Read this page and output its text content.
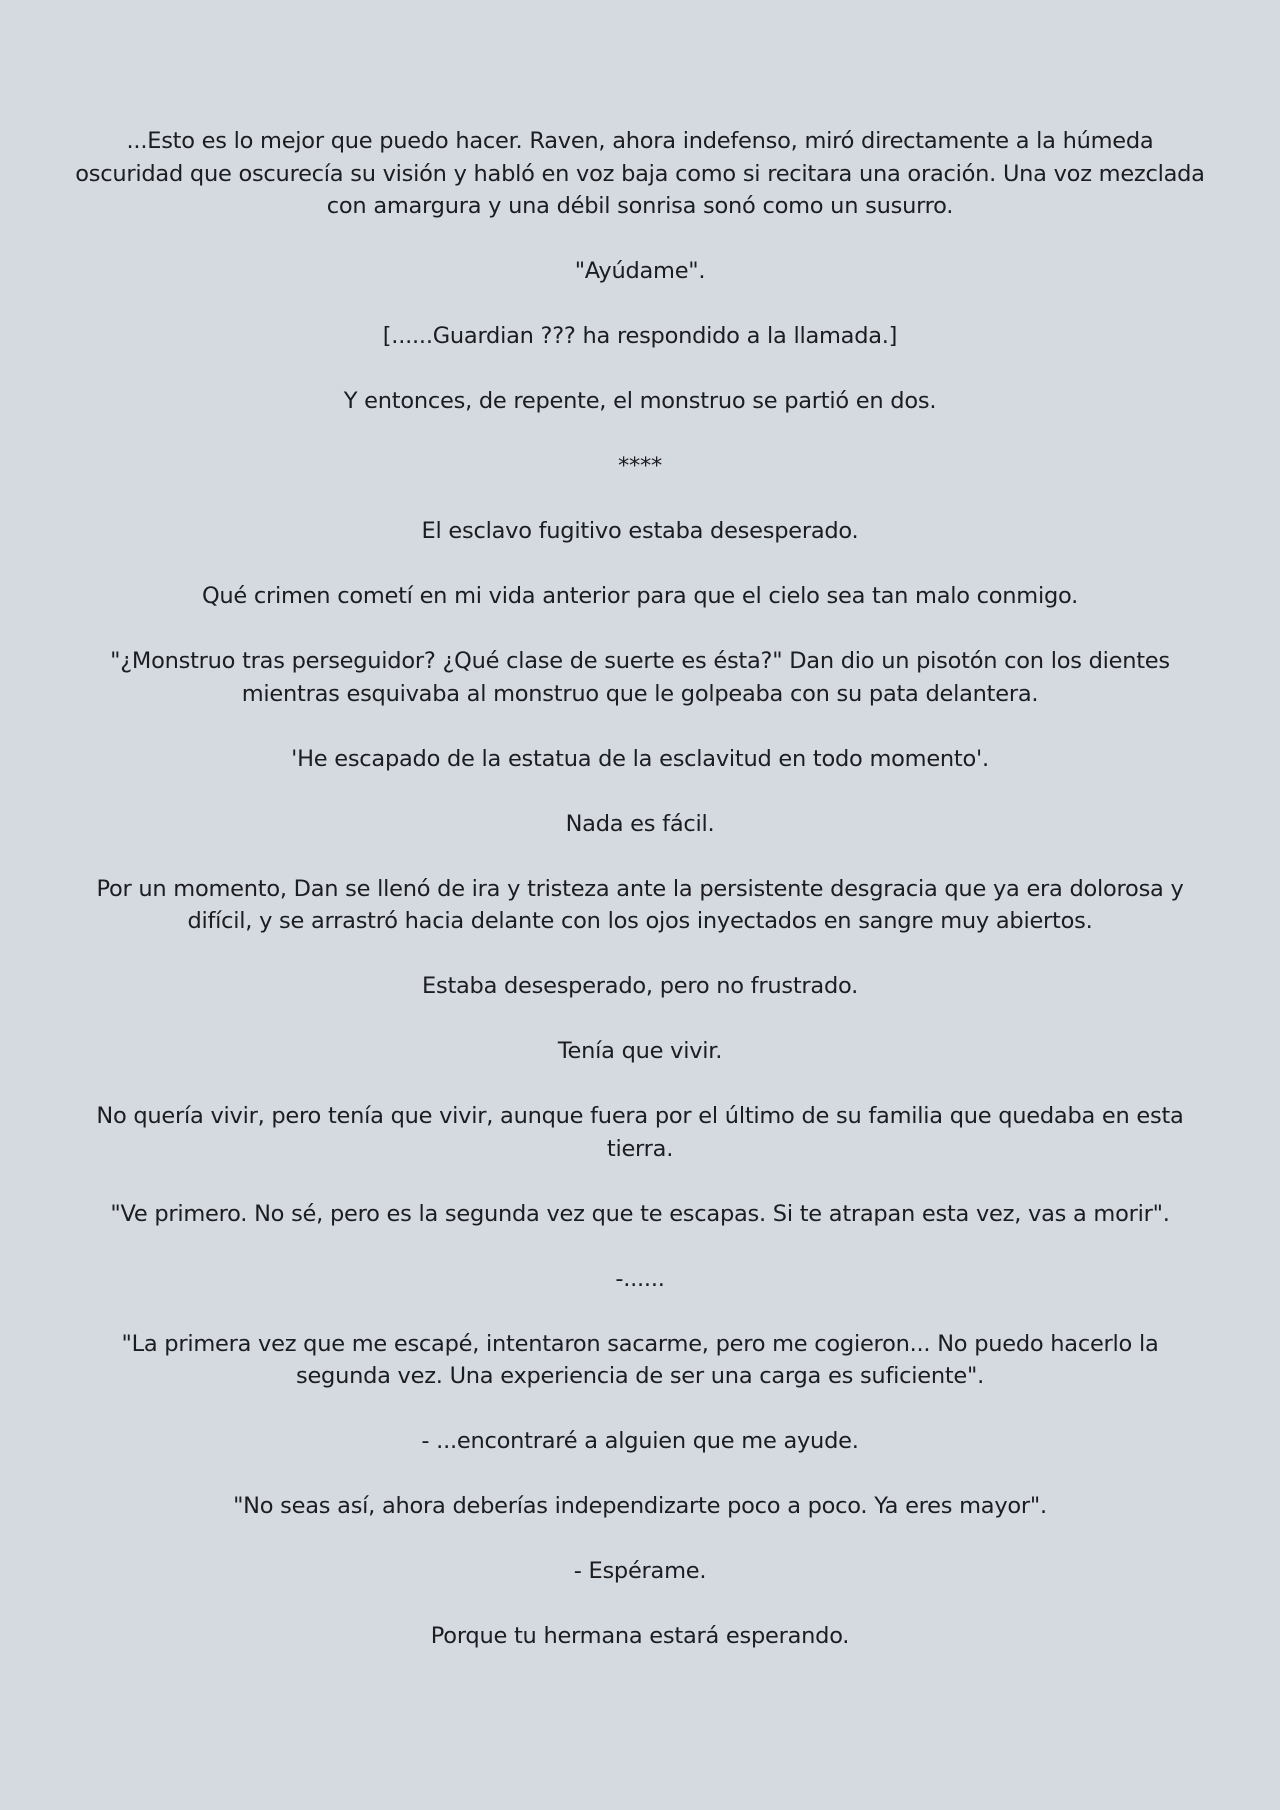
...Esto es lo mejor que puedo hacer. Raven, ahora indefenso, miró directamente a la húmeda oscuridad que oscurecía su visión y habló en voz baja como si recitara una oración. Una voz mezclada con amargura y una débil sonrisa sonó como un susurro.

"Ayúdame".

[......Guardian ??? ha respondido a la llamada.]

Y entonces, de repente, el monstruo se partió en dos.

****

El esclavo fugitivo estaba desesperado.

Qué crimen cometí en mi vida anterior para que el cielo sea tan malo conmigo.

"¿Monstruo tras perseguidor? ¿Qué clase de suerte es ésta?" Dan dio un pisotón con los dientes mientras esquivaba al monstruo que le golpeaba con su pata delantera.

'He escapado de la estatua de la esclavitud en todo momento'.

Nada es fácil.

Por un momento, Dan se llenó de ira y tristeza ante la persistente desgracia que ya era dolorosa y difícil, y se arrastró hacia delante con los ojos inyectados en sangre muy abiertos.

Estaba desesperado, pero no frustrado.

Tenía que vivir.

No quería vivir, pero tenía que vivir, aunque fuera por el último de su familia que quedaba en esta tierra.

"Ve primero. No sé, pero es la segunda vez que te escapas. Si te atrapan esta vez, vas a morir".

-......

"La primera vez que me escapé, intentaron sacarme, pero me cogieron... No puedo hacerlo la segunda vez. Una experiencia de ser una carga es suficiente".

- ...encontraré a alguien que me ayude.

"No seas así, ahora deberías independizarte poco a poco. Ya eres mayor".

- Espérame.

Porque tu hermana estará esperando.
